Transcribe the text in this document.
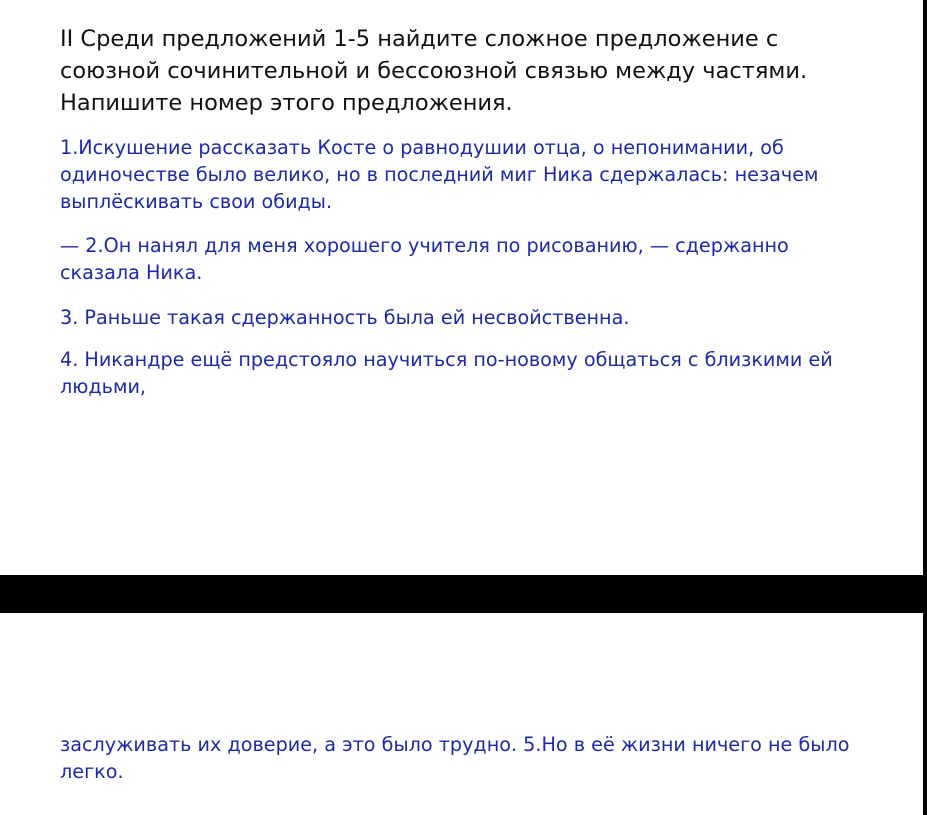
II Среди предложений 1-5 найдите сложное предложение с союзной сочинительной и бессоюзной связью между частями. Напишите номер этого предложения.

1.Искушение рассказать Косте о равнодушии отца, о непонимании, об одиночестве было велико, но в последний миг Ника сдержалась: незачем выплёскивать свои обиды.

— 2.Он нанял для меня хорошего учителя по рисованию, — сдержанно сказала Ника.

3. Раньше такая сдержанность была ей несвойственна.

4. Никандре ещё предстояло научиться по-новому общаться с близкими ей людьми,

заслуживать их доверие, а это было трудно. 5.Но в её жизни ничего не было легко.
